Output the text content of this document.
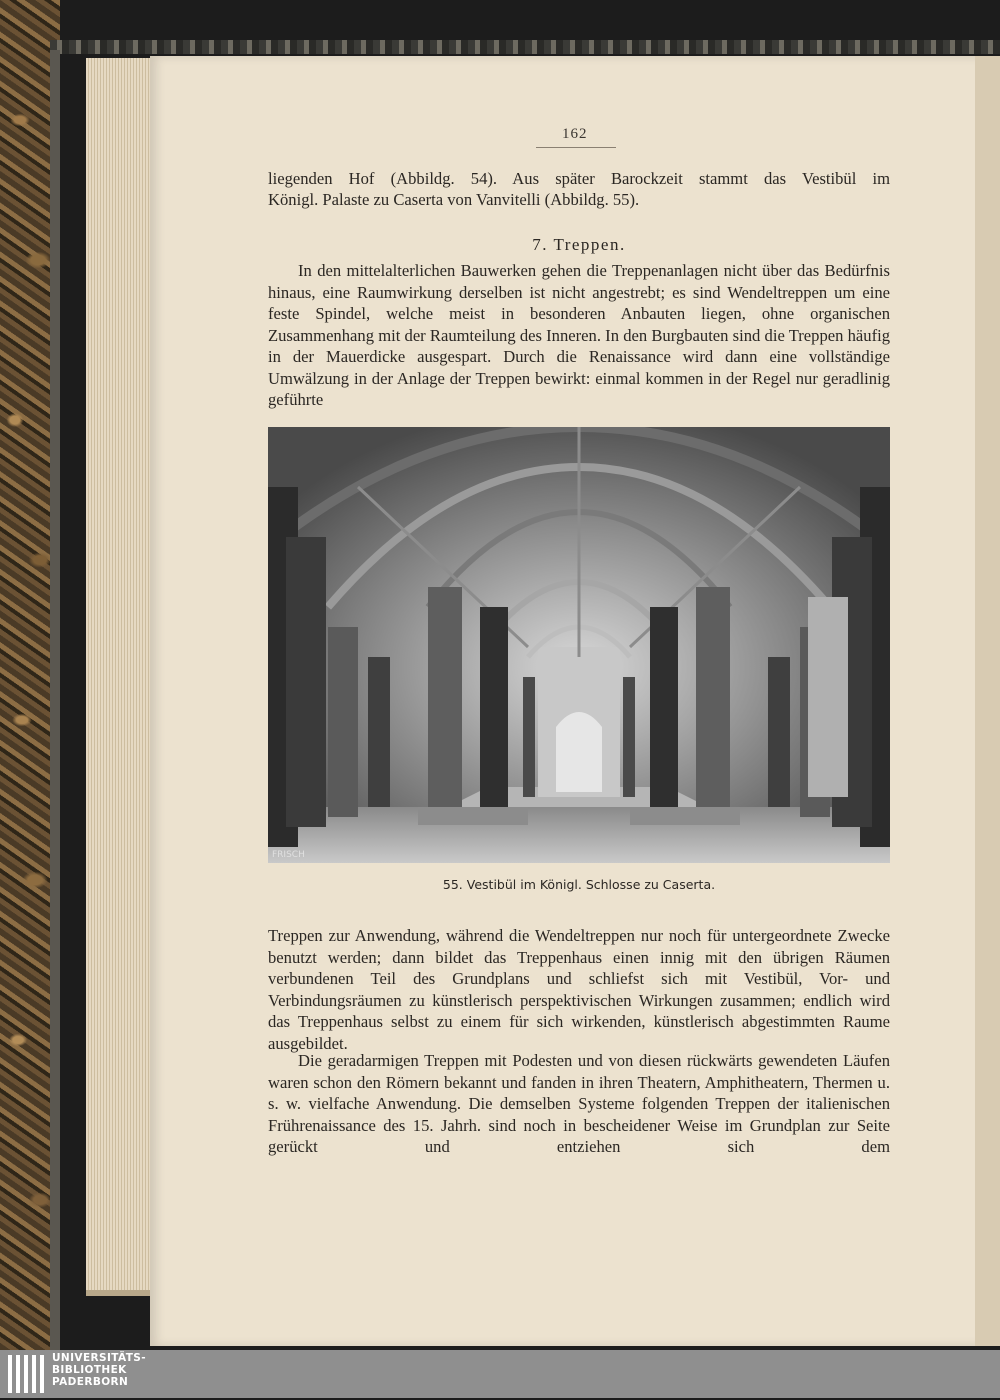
162
liegenden Hof (Abbildg. 54). Aus später Barockzeit stammt das Vestibül im
Königl. Palaste zu Caserta von Vanvitelli (Abbildg. 55).
7. Treppen.
In den mittelalterlichen Bauwerken gehen die Treppenanlagen nicht über das Bedürfnis hinaus, eine Raumwirkung derselben ist nicht angestrebt; es sind Wendeltreppen um eine feste Spindel, welche meist in besonderen Anbauten liegen, ohne organischen Zusammenhang mit der Raumteilung des Inneren. In den Burgbauten sind die Treppen häufig in der Mauerdicke ausgespart. Durch die Renaissance wird dann eine vollständige Umwälzung in der Anlage der Treppen bewirkt: einmal kommen in der Regel nur geradlinig geführte
FRISCH
55. Vestibül im Königl. Schlosse zu Caserta.
Treppen zur Anwendung, während die Wendeltreppen nur noch für untergeordnete Zwecke benutzt werden; dann bildet das Treppenhaus einen innig mit den übrigen Räumen verbundenen Teil des Grundplans und schliefst sich mit Vestibül, Vor- und Verbindungsräumen zu künstlerisch perspektivischen Wirkungen zusammen; endlich wird das Treppenhaus selbst zu einem für sich wirkenden, künstlerisch abgestimmten Raume ausgebildet.
Die geradarmigen Treppen mit Podesten und von diesen rückwärts gewendeten Läufen waren schon den Römern bekannt und fanden in ihren Theatern, Amphitheatern, Thermen u. s. w. vielfache Anwendung. Die demselben Systeme folgenden Treppen der italienischen Frührenaissance des 15. Jahrh. sind noch in bescheidener Weise im Grundplan zur Seite gerückt und entziehen sich dem
UNIVERSITÄTS-
BIBLIOTHEK
PADERBORN
